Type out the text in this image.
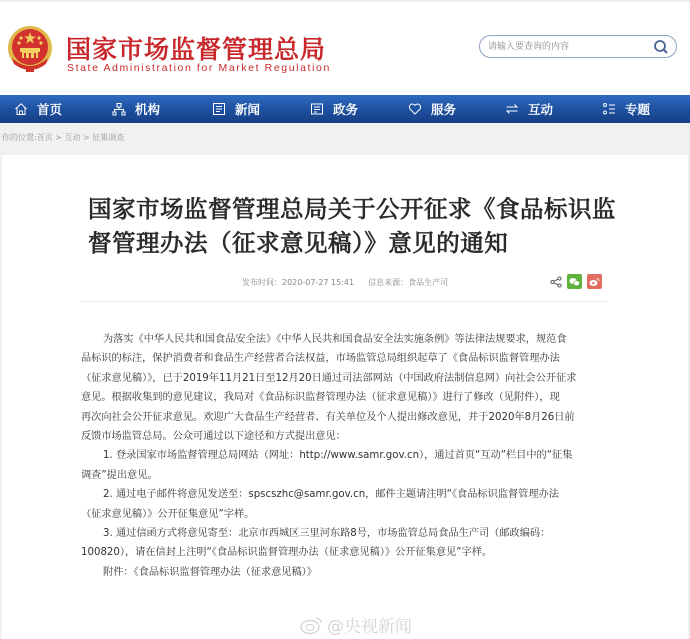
国家市场监督管理总局
State Administration for Market Regulation
请输入要查询的内容
首页	机构	新闻	政务	服务	互动	专题
你的位置:首页 > 互动 > 征集调查
国家市场监督管理总局关于公开征求《食品标识监督管理办法（征求意见稿）》意见的通知
发布时间：2020-07-27 15:41 信息来源：食品生产司

为落实《中华人民共和国食品安全法》《中华人民共和国食品安全法实施条例》等法律法规要求，规范食

品标识的标注，保护消费者和食品生产经营者合法权益，市场监管总局组织起草了《食品标识监督管理办法
（征求意见稿）》，已于2019年11月21日至12月20日通过司法部网站（中国政府法制信息网）向社会公开征求
意见。根据收集到的意见建议，我局对《食品标识监督管理办法（征求意见稿）》进行了修改（见附件），现
再次向社会公开征求意见。欢迎广大食品生产经营者、有关单位及个人提出修改意见，并于2020年8月26日前
反馈市场监管总局。公众可通过以下途径和方式提出意见：

1. 登录国家市场监督管理总局网站（网址：http://www.samr.gov.cn），通过首页“互动”栏目中的“征集

调查”提出意见。

2. 通过电子邮件将意见发送至：spscszhc@samr.gov.cn，邮件主题请注明“《食品标识监督管理办法

（征求意见稿）》公开征集意见”字样。

3. 通过信函方式将意见寄至：北京市西城区三里河东路8号，市场监管总局食品生产司（邮政编码：

100820），请在信封上注明“《食品标识监督管理办法（征求意见稿）》公开征集意见”字样。

附件：《食品标识监督管理办法（征求意见稿）》

@央视新闻
